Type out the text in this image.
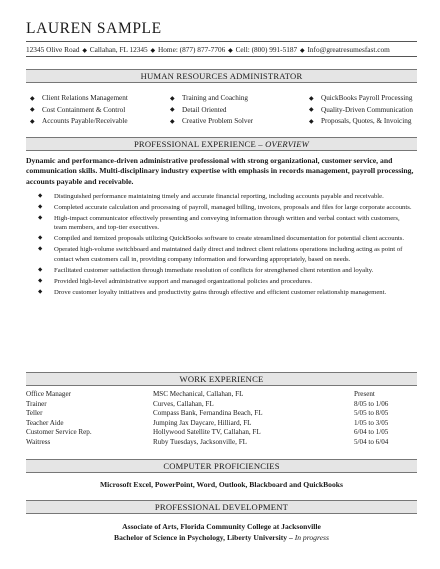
LAUREN SAMPLE
12345 Olive Road ◆ Callahan, FL 12345 ◆ Home: (877) 877-7706 ◆ Cell: (800) 991-5187 ◆ Info@greatresumesfast.com
HUMAN RESOURCES ADMINISTRATOR
◆	Client Relations Management	◆	Training and Coaching	◆	QuickBooks Payroll Processing
◆	Cost Containment & Control	◆	Detail Oriented	◆	Quality-Driven Communication
◆	Accounts Payable/Receivable	◆	Creative Problem Solver	◆	Proposals, Quotes, & Invoicing
PROFESSIONAL EXPERIENCE – OVERVIEW
Dynamic and performance-driven administrative professional with strong organizational, customer service, and communication skills. Multi-disciplinary industry expertise with emphasis in records management, payroll processing, accounts payable and receivable.
◆ Distinguished performance maintaining timely and accurate financial reporting, including accounts payable and receivable.
◆ Completed accurate calculation and processing of payroll, managed billing, invoices, proposals and files for large corporate accounts.
◆ High-impact communicator effectively presenting and conveying information through written and verbal contact with customers, team members, and top-tier executives.
◆ Compiled and itemized proposals utilizing QuickBooks software to create streamlined documentation for potential client accounts.
◆ Operated high-volume switchboard and maintained daily direct and indirect client relations operations including acting as point of contact when customers call in, providing company information and forwarding appropriately, based on needs.
◆ Facilitated customer satisfaction through immediate resolution of conflicts for strengthened client retention and loyalty.
◆ Provided high-level administrative support and managed organizational policies and procedures.
◆ Drove customer loyalty initiatives and productivity gains through effective and efficient customer relationship management.
WORK EXPERIENCE
Office Manager	MSC Mechanical, Callahan, FL	Present
Trainer	Curves, Callahan, FL	8/05 to 1/06
Teller	Compass Bank, Fernandina Beach, FL	5/05 to 8/05
Teacher Aide	Jumping Jax Daycare, Hilliard, FL	1/05 to 3/05
Customer Service Rep.	Hollywood Satellite TV, Callahan, FL	6/04 to 1/05
Waitress	Ruby Tuesdays, Jacksonville, FL	5/04 to 6/04
COMPUTER PROFICIENCIES
Microsoft Excel, PowerPoint, Word, Outlook, Blackboard and QuickBooks
PROFESSIONAL DEVELOPMENT
Associate of Arts, Florida Community College at Jacksonville
Bachelor of Science in Psychology, Liberty University – In progress
